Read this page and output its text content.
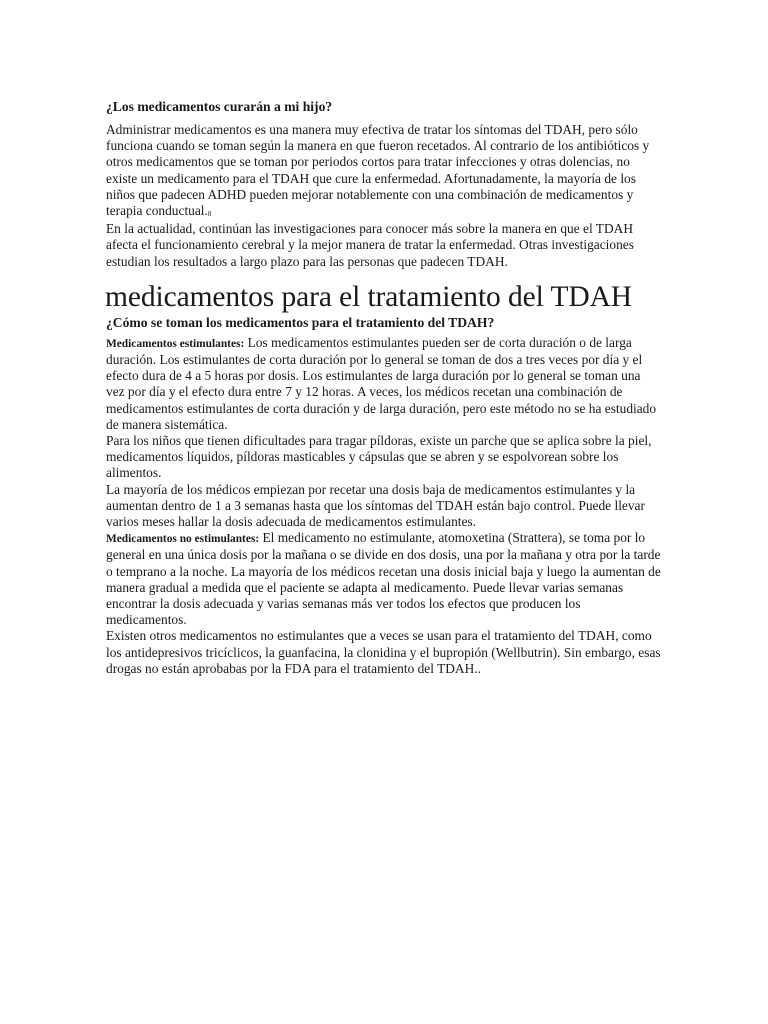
¿Los medicamentos curarán a mi hijo?

Administrar medicamentos es una manera muy efectiva de tratar los síntomas del TDAH, pero sólo funciona cuando se toman según la manera en que fueron recetados. Al contrario de los antibióticos y otros medicamentos que se toman por periodos cortos para tratar infecciones y otras dolencias, no existe un medicamento para el TDAH que cure la enfermedad. Afortunadamente, la mayoría de los niños que padecen ADHD pueden mejorar notablemente con una combinación de medicamentos y terapia conductual.$^8$

En la actualidad, continúan las investigaciones para conocer más sobre la manera en que el TDAH afecta el funcionamiento cerebral y la mejor manera de tratar la enfermedad. Otras investigaciones estudian los resultados a largo plazo para las personas que padecen TDAH.

medicamentos para el tratamiento del TDAH
¿Cómo se toman los medicamentos para el tratamiento del TDAH?

Medicamentos estimulantes: Los medicamentos estimulantes pueden ser de corta duración o de larga duración. Los estimulantes de corta duración por lo general se toman de dos a tres veces por día y el efecto dura de 4 a 5 horas por dosis. Los estimulantes de larga duración por lo general se toman una vez por día y el efecto dura entre 7 y 12 horas. A veces, los médicos recetan una combinación de medicamentos estimulantes de corta duración y de larga duración, pero este método no se ha estudiado de manera sistemática.

Para los niños que tienen dificultades para tragar píldoras, existe un parche que se aplica sobre la piel, medicamentos líquidos, píldoras masticables y cápsulas que se abren y se espolvorean sobre los alimentos.

La mayoría de los médicos empiezan por recetar una dosis baja de medicamentos estimulantes y la aumentan dentro de 1 a 3 semanas hasta que los síntomas del TDAH están bajo control. Puede llevar varios meses hallar la dosis adecuada de medicamentos estimulantes.

Medicamentos no estimulantes: El medicamento no estimulante, atomoxetina (Strattera), se toma por lo general en una única dosis por la mañana o se divide en dos dosis, una por la mañana y otra por la tarde o temprano a la noche. La mayoría de los médicos recetan una dosis inicial baja y luego la aumentan de manera gradual a medida que el paciente se adapta al medicamento. Puede llevar varias semanas encontrar la dosis adecuada y varias semanas más ver todos los efectos que producen los medicamentos.

Existen otros medicamentos no estimulantes que a veces se usan para el tratamiento del TDAH, como los antidepresivos tricíclicos, la guanfacina, la clonidina y el bupropión (Wellbutrin). Sin embargo, esas drogas no están aprobabas por la FDA para el tratamiento del TDAH..
